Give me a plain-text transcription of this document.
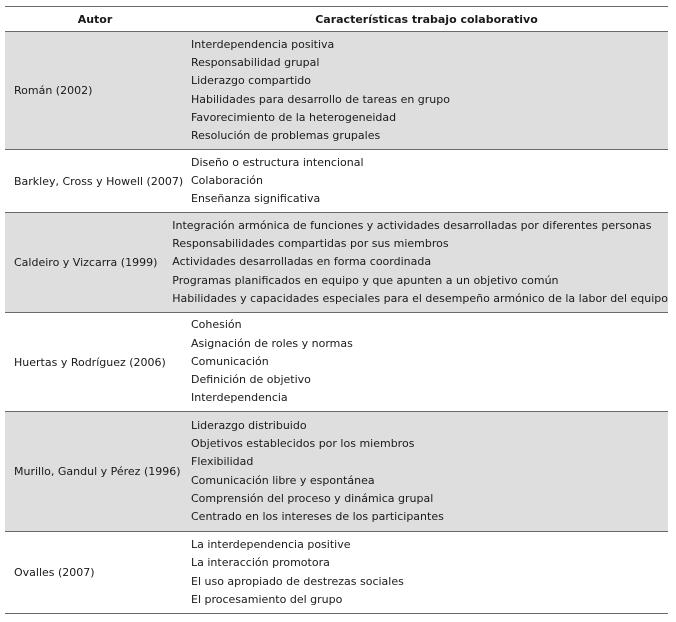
Autor	Características trabajo colaborativo
Román (2002)
Interdependencia positiva
Responsabilidad grupal
Liderazgo compartido
Habilidades para desarrollo de tareas en grupo
Favorecimiento de la heterogeneidad
Resolución de problemas grupales
Barkley, Cross y Howell (2007)
Diseño o estructura intencional
Colaboración
Enseñanza significativa
Caldeiro y Vizcarra (1999)
Integración armónica de funciones y actividades desarrolladas por diferentes personas
Responsabilidades compartidas por sus miembros
Actividades desarrolladas en forma coordinada
Programas planificados en equipo y que apunten a un objetivo común
Habilidades y capacidades especiales para el desempeño armónico de la labor del equipo
Huertas y Rodríguez (2006)
Cohesión
Asignación de roles y normas
Comunicación
Definición de objetivo
Interdependencia
Murillo, Gandul y Pérez (1996)
Liderazgo distribuido
Objetivos establecidos por los miembros
Flexibilidad
Comunicación libre y espontánea
Comprensión del proceso y dinámica grupal
Centrado en los intereses de los participantes
Ovalles (2007)
La interdependencia positive
La interacción promotora
El uso apropiado de destrezas sociales
El procesamiento del grupo
